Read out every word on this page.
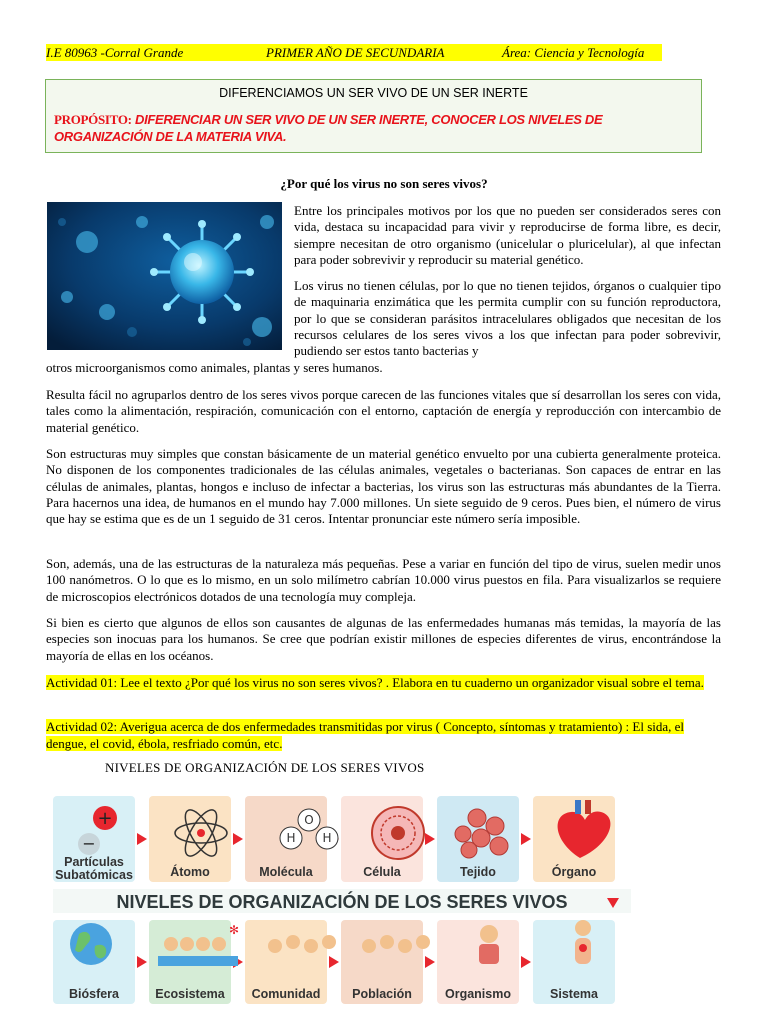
I.E 80963 -Corral Grande	PRIMER AÑO DE SECUNDARIA	Área: Ciencia y Tecnología
DIFERENCIAMOS UN SER VIVO DE UN SER INERTE
PROPÓSITO: DIFERENCIAR UN SER VIVO DE UN SER INERTE, CONOCER LOS NIVELES DE ORGANIZACIÓN DE LA MATERIA VIVA.
¿Por qué los virus no son seres vivos?

Entre los principales motivos por los que no pueden ser considerados seres con vida, destaca su incapacidad para vivir y reproducirse de forma libre, es decir, siempre necesitan de otro organismo (unicelular o pluricelular), al que infectan para poder sobrevivir y reproducir su material genético.

Los virus no tienen células, por lo que no tienen tejidos, órganos o cualquier tipo de maquinaria enzimática que les permita cumplir con su función reproductora, por lo que se consideran parásitos intracelulares obligados que necesitan de los recursos celulares de los seres vivos a los que infectan para poder sobrevivir, pudiendo ser estos tanto bacterias y

otros microorganismos como animales, plantas y seres humanos.

Resulta fácil no agruparlos dentro de los seres vivos porque carecen de las funciones vitales que sí desarrollan los seres con vida, tales como la alimentación, respiración, comunicación con el entorno, captación de energía y reproducción con intercambio de material genético.

Son estructuras muy simples que constan básicamente de un material genético envuelto por una cubierta generalmente proteica. No disponen de los componentes tradicionales de las células animales, vegetales o bacterianas. Son capaces de entrar en las células de animales, plantas, hongos e incluso de infectar a bacterias, los virus son las estructuras más abundantes de la Tierra. Para hacernos una idea, de humanos en el mundo hay 7.000 millones. Un siete seguido de 9 ceros. Pues bien, el número de virus que hay se estima que es de un 1 seguido de 31 ceros. Intentar pronunciar este número sería imposible.

Son, además, una de las estructuras de la naturaleza más pequeñas. Pese a variar en función del tipo de virus, suelen medir unos 100 nanómetros. O lo que es lo mismo, en un solo milímetro cabrían 10.000 virus puestos en fila. Para visualizarlos se requiere de microscopios electrónicos dotados de una tecnología muy compleja.

Si bien es cierto que algunos de ellos son causantes de algunas de las enfermedades humanas más temidas, la mayoría de las especies son inocuas para los humanos. Se cree que podrían existir millones de especies diferentes de virus, encontrándose la mayoría de ellas en los océanos.

Actividad 01: Lee el texto ¿Por qué los virus no son seres vivos? . Elabora en tu cuaderno un organizador visual sobre el tema.
Actividad 02: Averigua acerca de dos enfermedades transmitidas por virus ( Concepto, síntomas y tratamiento) : El sida, el dengue, el covid, ébola, resfriado común, etc.
NIVELES DE ORGANIZACIÓN DE LOS SERES VIVOS
Partículas
Subatómicas	Átomo	Molécula	Célula	Tejido	Órgano
+
−	H
O
H
NIVELES DE ORGANIZACIÓN DE LOS SERES VIVOS
Biósfera	Ecosistema Comunidad	Población	Organismo	Sistema
✻
